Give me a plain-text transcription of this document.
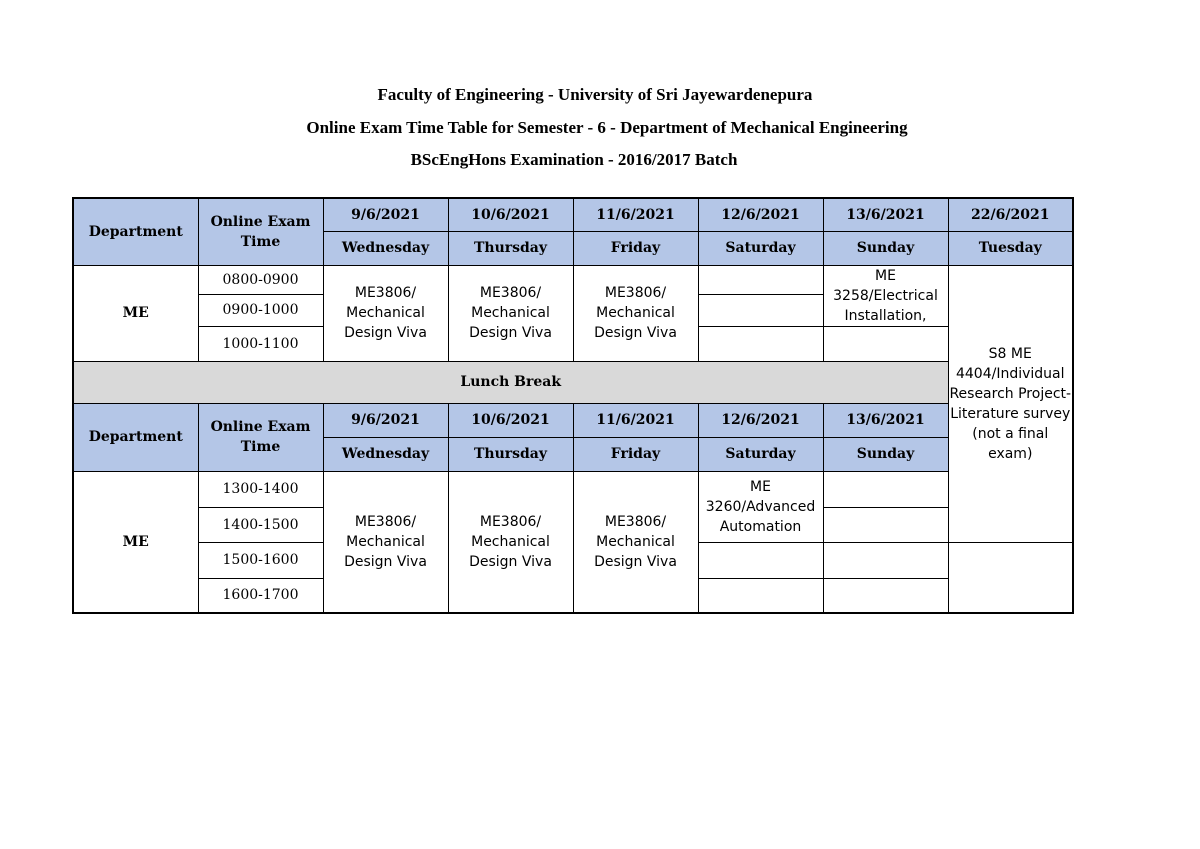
Faculty of Engineering - University of Sri Jayewardenepura
Online Exam Time Table for Semester - 6 - Department of Mechanical Engineering
BScEngHons Examination - 2016/2017 Batch
Department	Online Exam Time	9/6/2021	10/6/2021	11/6/2021	12/6/2021	13/6/2021	22/6/2021
		Wednesday	Thursday	Friday	Saturday	Sunday	Tuesday
ME	0800-0900	ME3806/
Mechanical
Design Viva	ME3806/
Mechanical
Design Viva	ME3806/
Mechanical
Design Viva		ME
3258/Electrical
Installation,	S8 ME
4404/Individual
Research Project-
Literature survey
(not a final exam)

	0900-1000						
	1000-1100						
Lunch Break							
Department	Online Exam Time	9/6/2021	10/6/2021	11/6/2021	12/6/2021	13/6/2021	
		Wednesday	Thursday	Friday	Saturday	Sunday	
ME	1300-1400	ME3806/
Mechanical
Design Viva	ME3806/
Mechanical
Design Viva	ME3806/
Mechanical
Design Viva	ME
3260/Advanced
Automation		

	1400-1500						
	1500-1600						
	1600-1700						
